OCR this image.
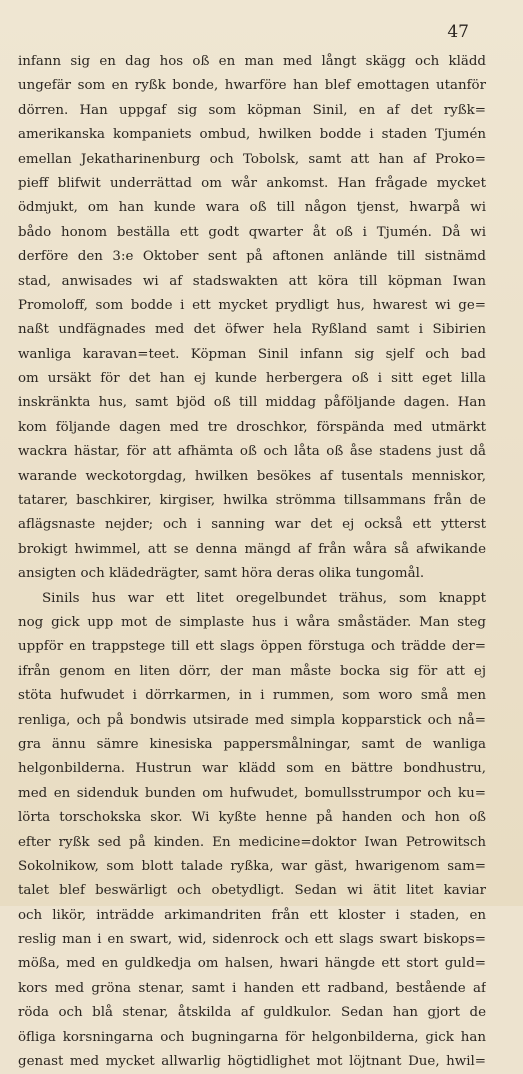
47
infann sig en dag hos oß en man med långt skägg och klädd
ungefär som en ryßk bonde, hwarföre han blef emottagen utanför
dörren. Han uppgaf sig som köpman Sinil, en af det ryßk=
amerikanska kompaniets ombud, hwilken bodde i staden Tjumén
emellan Jekatharinenburg och Tobolsk, samt att han af Proko=
pieff blifwit underrättad om wår ankomst. Han frågade mycket
ödmjukt, om han kunde wara oß till någon tjenst, hwarpå wi
bådo honom beställa ett godt qwarter åt oß i Tjumén. Då wi
derföre den 3:e Oktober sent på aftonen anlände till sistnämd
stad, anwisades wi af stadswakten att köra till köpman Iwan
Promoloff, som bodde i ett mycket prydligt hus, hwarest wi ge=
naßt undfägnades med det öfwer hela Ryßland samt i Sibirien
wanliga karavan=teet. Köpman Sinil infann sig sjelf och bad
om ursäkt för det han ej kunde herbergera oß i sitt eget lilla
inskränkta hus, samt bjöd oß till middag påföljande dagen. Han
kom följande dagen med tre droschkor, förspända med utmärkt
wackra hästar, för att afhämta oß och låta oß åse stadens just då
warande weckotorgdag, hwilken besökes af tusentals menniskor,
tatarer, baschkirer, kirgiser, hwilka strömma tillsammans från de
aflägsnaste nejder; och i sanning war det ej också ett ytterst
brokigt hwimmel, att se denna mängd af från wåra så afwikande
ansigten och klädedrägter, samt höra deras olika tungomål.
Sinils hus war ett litet oregelbundet trähus, som knappt
nog gick upp mot de simplaste hus i wåra småstäder. Man steg
uppför en trappstege till ett slags öppen förstuga och trädde der=
ifrån genom en liten dörr, der man måste bocka sig för att ej
stöta hufwudet i dörrkarmen, in i rummen, som woro små men
renliga, och på bondwis utsirade med simpla kopparstick och nå=
gra ännu sämre kinesiska pappersmålningar, samt de wanliga
helgonbilderna. Hustrun war klädd som en bättre bondhustru,
med en sidenduk bunden om hufwudet, bomullsstrumpor och ku=
lörta torschokska skor. Wi kyßte henne på handen och hon oß
efter ryßk sed på kinden. En medicine=doktor Iwan Petrowitsch
Sokolnikow, som blott talade ryßka, war gäst, hwarigenom sam=
talet blef beswärligt och obetydligt. Sedan wi ätit litet kaviar
och likör, inträdde arkimandriten från ett kloster i staden, en
reslig man i en swart, wid, sidenrock och ett slags swart biskops=
mößa, med en guldkedja om halsen, hwari hängde ett stort guld=
kors med gröna stenar, samt i handen ett radband, bestående af
röda och blå stenar, åtskilda af guldkulor. Sedan han gjort de
öfliga korsningarna och bugningarna för helgonbilderna, gick han
genast med mycket allwarlig högtidlighet mot löjtnant Due, hwil=
